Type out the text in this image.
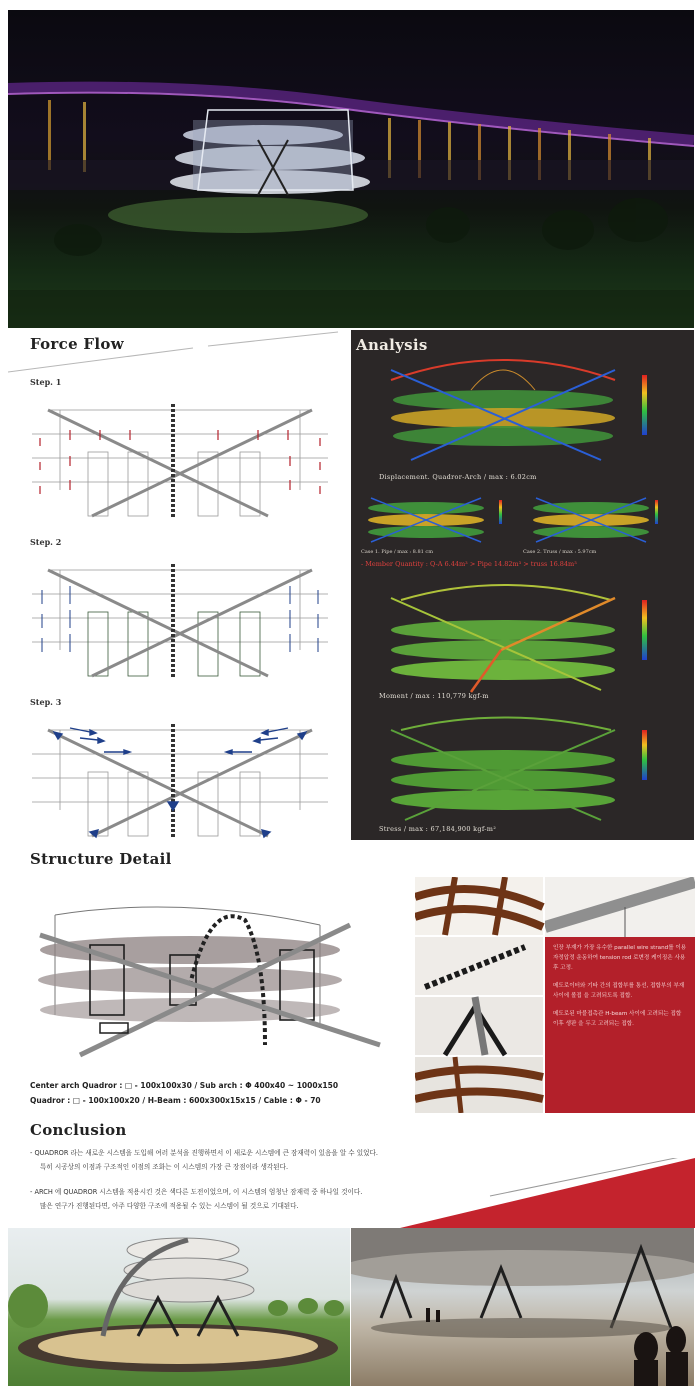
Force Flow
Step. 1
Step. 2
Step. 3
Analysis
Displacement. Quadror-Arch / max : 6.02cm
Case 1. Pipe / max : 8.81 cm	Case 2. Truss / max : 5.97cm
- Member Quantity : Q-A 6.44m³ > Pipe 14.82m³ > truss 16.84m³
Moment / max : 110,779 kgf-m
Stress / max : 67,184,900 kgf-m²
Structure Detail
Center arch Quadror : □ - 100x100x30 / Sub arch : Φ 400x40 ~ 1000x150
Quadror : □ - 100x100x20 / H-Beam : 600x300x15x15 / Cable : Φ - 70
인장 부재가 가장 유수한 parallel wire strand를 이용 자정압정 운동하여 tension rod 로변경 케이징은 사용 후 고정.
메도로이터와 기타 간의 접합부를 통선, 접합부의 부재 사이에 볼접 을 고려되도록 접합.
메도로된 마블접촉관 H-beam 사이에 고려되는 접합 이후 생판 을 두고 고려되는 접합.
Conclusion
- QUADROR 라는 새로운 시스템을 도입해 여러 분석을 진행하면서 이 새로운 시스템에 큰 잠재력이 있음을 알 수 있었다.
특히 시공상의 이점과 구조적인 이점의 조화는 이 시스템의 가장 큰 장점이라 생각된다.
- ARCH 에 QUADROR 시스템을 적용시킨 것은 색다른 도전이었으며, 이 시스템의 엄청난 잠재력 중 하나일 것이다.
많은 연구가 진행된다면, 아주 다양한 구조에 적용될 수 있는 시스템이 될 것으로 기대된다.
